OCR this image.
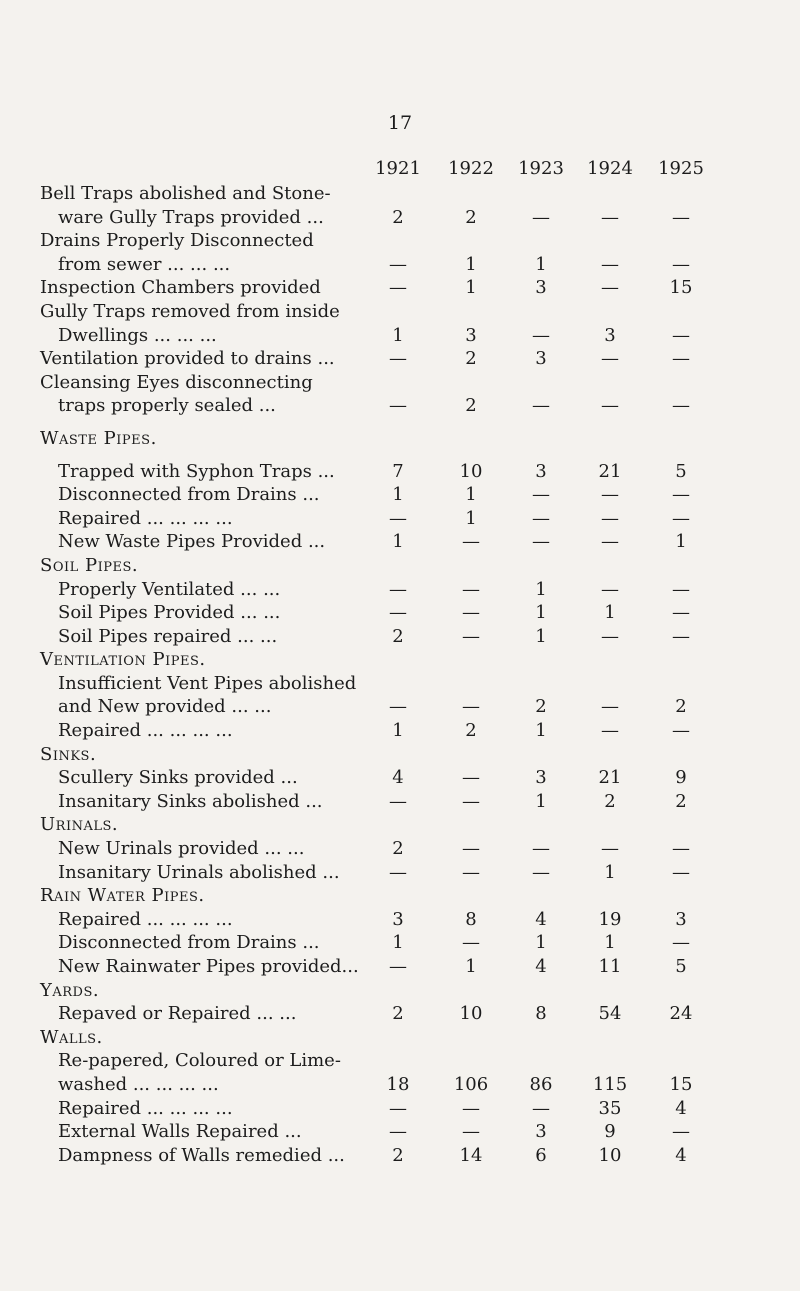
17
1921	1922	1923	1924	1925
Bell Traps abolished and Stone-
ware Gully Traps provided ...	2	2	—	—	—
Drains Properly Disconnected
from sewer ... ... ...	—	1	1	—	—
Inspection Chambers provided	—	1	3	—	15
Gully Traps removed from inside
Dwellings ... ... ...	1	3	—	3	—
Ventilation provided to drains ...	—	2	3	—	—
Cleansing Eyes disconnecting
traps properly sealed ...	—	2	—	—	—
Waste Pipes.
Trapped with Syphon Traps ...	7	10	3	21	5
Disconnected from Drains ...	1	1	—	—	—
Repaired ... ... ... ...	—	1	—	—	—
New Waste Pipes Provided ...	1	—	—	—	1
Soil Pipes.
Properly Ventilated ... ...	—	—	1	—	—
Soil Pipes Provided ... ...	—	—	1	1	—
Soil Pipes repaired ... ...	2	—	1	—	—
Ventilation Pipes.
Insufficient Vent Pipes abolished
and New provided ... ...	—	—	2	—	2
Repaired ... ... ... ...	1	2	1	—	—
Sinks.
Scullery Sinks provided ...	4	—	3	21	9
Insanitary Sinks abolished ...	—	—	1	2	2
Urinals.
New Urinals provided ... ...	2	—	—	—	—
Insanitary Urinals abolished ...	—	—	—	1	—
Rain Water Pipes.
Repaired ... ... ... ...	3	8	4	19	3
Disconnected from Drains ...	1	—	1	1	—
New Rainwater Pipes provided...	—	1	4	11	5
Yards.
Repaved or Repaired ... ...	2	10	8	54	24
Walls.
Re-papered, Coloured or Lime-
washed ... ... ... ...	18	106	86	115	15
Repaired ... ... ... ...	—	—	—	35	4
External Walls Repaired ...	—	—	3	9	—
Dampness of Walls remedied ...	2	14	6	10	4
